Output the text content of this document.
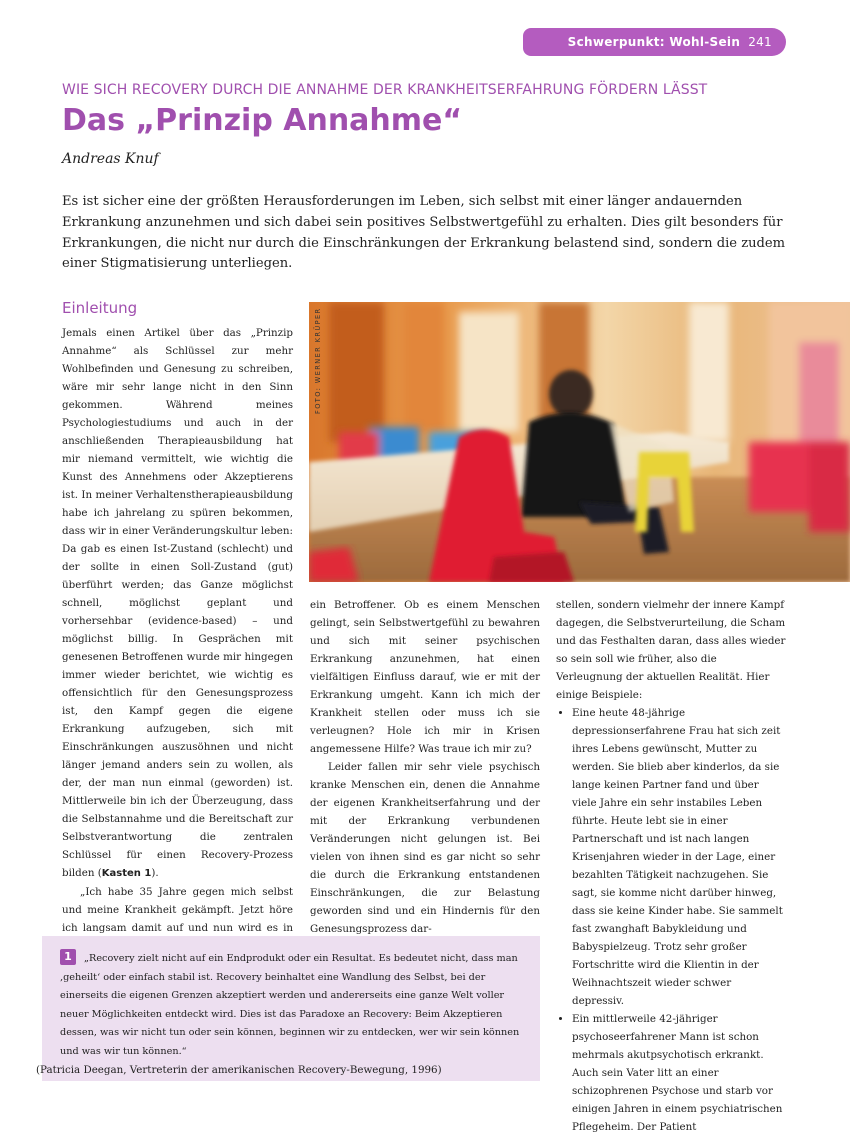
Schwerpunkt: Wohl-Sein 241
WIE SICH RECOVERY DURCH DIE ANNAHME DER KRANKHEITSERFAHRUNG FÖRDERN LÄSST
Das „Prinzip Annahme“
Andreas Knuf
Es ist sicher eine der größten Herausforderungen im Leben, sich selbst mit einer länger andauernden Erkrankung anzunehmen und sich dabei sein positives Selbstwertgefühl zu erhalten. Dies gilt besonders für Erkrankungen, die nicht nur durch die Einschränkungen der Erkrankung belastend sind, sondern die zudem einer Stigmatisierung unterliegen.
Einleitung

Jemals einen Artikel über das „Prinzip Annahme“ als Schlüssel zur mehr Wohlbefinden und Genesung zu schreiben, wäre mir sehr lange nicht in den Sinn gekommen. Während meines Psychologiestudiums und auch in der anschließenden Therapieausbildung hat mir niemand vermittelt, wie wichtig die Kunst des Annehmens oder Akzeptierens ist. In meiner Verhaltenstherapieausbildung habe ich jahrelang zu spüren bekommen, dass wir in einer Veränderungskultur leben: Da gab es einen Ist-Zustand (schlecht) und der sollte in einen Soll-Zustand (gut) überführt werden; das Ganze möglichst schnell, möglichst geplant und vorhersehbar (evidence-based) – und möglichst billig. In Gesprächen mit genesenen Betroffenen wurde mir hingegen immer wieder berichtet, wie wichtig es offensichtlich für den Genesungsprozess ist, den Kampf gegen die eigene Erkrankung aufzugeben, sich mit Einschränkungen auszusöhnen und nicht länger jemand anders sein zu wollen, als der, der man nun einmal (geworden) ist. Mittlerweile bin ich der Überzeugung, dass die Selbstannahme und die Bereitschaft zur Selbstverantwortung die zentralen Schlüssel für einen Recovery-Prozess bilden (Kasten 1).

„Ich habe 35 Jahre gegen mich selbst und meine Krankheit gekämpft. Jetzt höre ich langsam damit auf und nun wird es in

FOTO: WERNER KRÜPER

ein Betroffener. Ob es einem Menschen gelingt, sein Selbstwertgefühl zu bewahren und sich mit seiner psychischen Erkrankung anzunehmen, hat einen vielfältigen Einfluss darauf, wie er mit der Erkrankung umgeht. Kann ich mich der Krankheit stellen oder muss ich sie verleugnen? Hole ich mir in Krisen angemessene Hilfe? Was traue ich mir zu?

Leider fallen mir sehr viele psychisch kranke Menschen ein, denen die Annahme der eigenen Krankheitserfahrung und der mit der Erkrankung verbundenen Veränderungen nicht gelungen ist. Bei vielen von ihnen sind es gar nicht so sehr die durch die Erkrankung entstandenen Einschränkungen, die zur Belastung geworden sind und ein Hindernis für den Genesungsprozess dar-

stellen, sondern vielmehr der innere Kampf dagegen, die Selbstverurteilung, die Scham und das Festhalten daran, dass alles wieder so sein soll wie früher, also die Verleugnung der aktuellen Realität. Hier einige Beispiele:

• Eine heute 48-jährige depressionserfahrene Frau hat sich zeit ihres Lebens gewünscht, Mutter zu werden. Sie blieb aber kinderlos, da sie lange keinen Partner fand und über viele Jahre ein sehr instabiles Leben führte. Heute lebt sie in einer Partnerschaft und ist nach langen Krisenjahren wieder in der Lage, einer bezahlten Tätigkeit nachzugehen. Sie sagt, sie komme nicht darüber hinweg, dass sie keine Kinder habe. Sie sammelt fast zwanghaft Babykleidung und Babyspielzeug. Trotz sehr großer Fortschritte wird die Klientin in der Weihnachtszeit wieder schwer depressiv.
• Ein mittlerweile 42-jähriger psychoseerfahrener Mann ist schon mehrmals akutpsychotisch erkrankt. Auch sein Vater litt an einer schizophrenen Psychose und starb vor einigen Jahren in einem psychiatrischen Pflegeheim. Der Patient
1	„Recovery zielt nicht auf ein Endprodukt oder ein Resultat. Es bedeutet nicht, dass man ‚geheilt‘ oder einfach stabil ist. Recovery beinhaltet eine Wandlung des Selbst, bei der einerseits die eigenen Grenzen akzeptiert werden und andererseits eine ganze Welt voller neuer Möglichkeiten entdeckt wird. Dies ist das Paradoxe an Recovery: Beim Akzeptieren dessen, was wir nicht tun oder sein können, beginnen wir zu entdecken, wer wir sein können und was wir tun können.“
(Patricia Deegan, Vertreterin der amerikanischen Recovery-Bewegung, 1996)
